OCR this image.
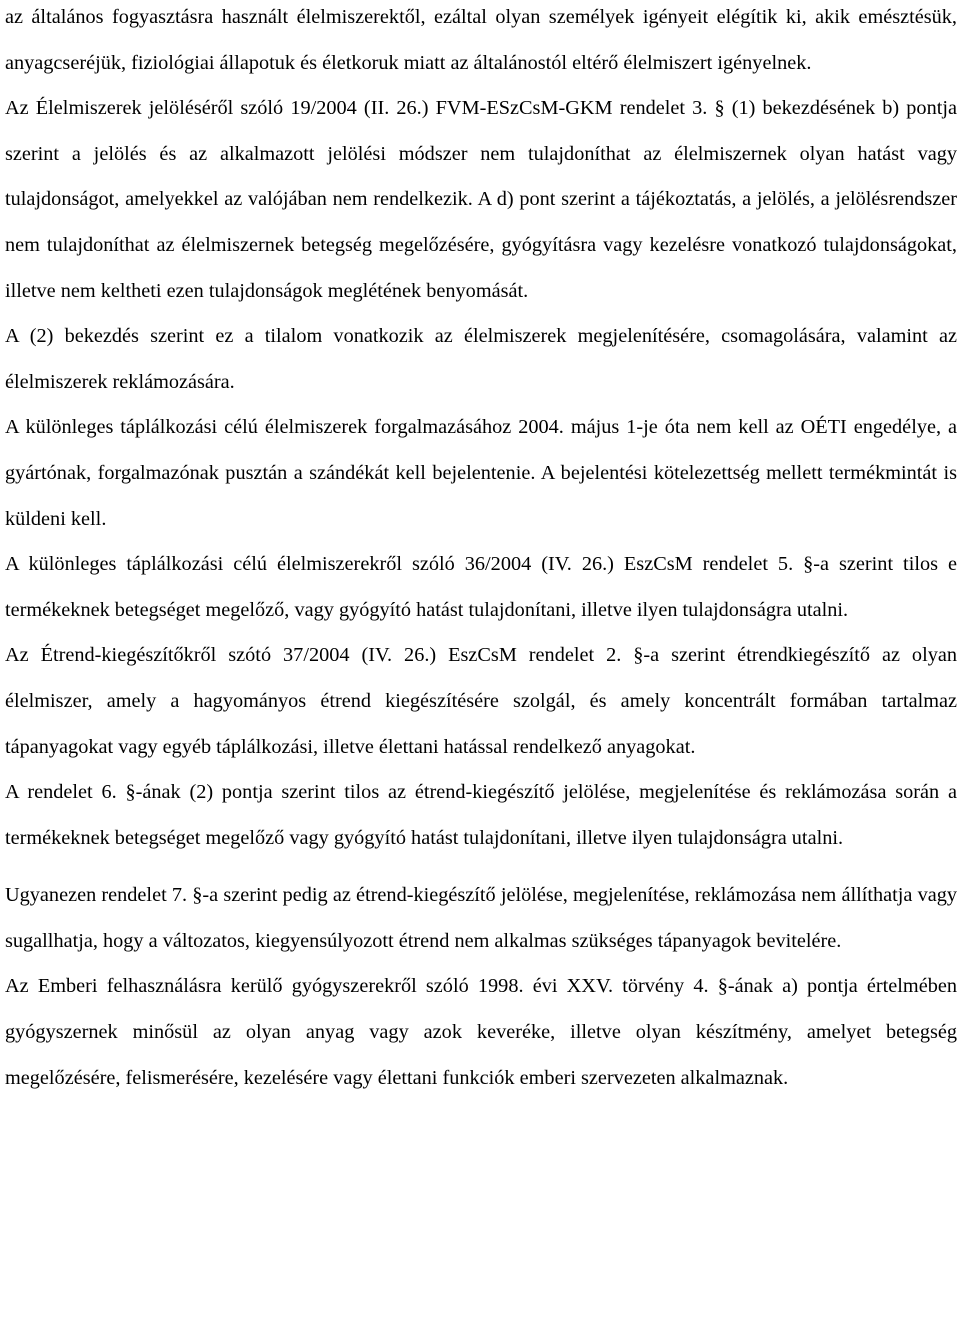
az általános fogyasztásra használt élelmiszerektől, ezáltal olyan személyek igényeit elégítik ki, akik emésztésük, anyagcseréjük, fiziológiai állapotuk és életkoruk miatt az általánostól eltérő élelmiszert igényelnek.

Az Élelmiszerek jelöléséről szóló 19/2004 (II. 26.) FVM-ESzCsM-GKM rendelet 3. § (1) bekezdésének b) pontja szerint a jelölés és az alkalmazott jelölési módszer nem tulajdoníthat az élelmiszernek olyan hatást vagy tulajdonságot, amelyekkel az valójában nem rendelkezik. A d) pont szerint a tájékoztatás, a jelölés, a jelölésrendszer nem tulajdoníthat az élelmiszernek betegség megelőzésére, gyógyításra vagy kezelésre vonatkozó tulajdonságokat, illetve nem keltheti ezen tulajdonságok meglétének benyomását.

A (2) bekezdés szerint ez a tilalom vonatkozik az élelmiszerek megjelenítésére, csomagolására, valamint az élelmiszerek reklámozására.

A különleges táplálkozási célú élelmiszerek forgalmazásához 2004. május 1-je óta nem kell az OÉTI engedélye, a gyártónak, forgalmazónak pusztán a szándékát kell bejelentenie. A bejelentési kötelezettség mellett termékmintát is küldeni kell.

A különleges táplálkozási célú élelmiszerekről szóló 36/2004 (IV. 26.) EszCsM rendelet 5. §-a szerint tilos e termékeknek betegséget megelőző, vagy gyógyító hatást tulajdonítani, illetve ilyen tulajdonságra utalni.

Az Étrend-kiegészítőkről szótó 37/2004 (IV. 26.) EszCsM rendelet 2. §-a szerint étrendkiegészítő az olyan élelmiszer, amely a hagyományos étrend kiegészítésére szolgál, és amely koncentrált formában tartalmaz tápanyagokat vagy egyéb táplálkozási, illetve élettani hatással rendelkező anyagokat.

A rendelet 6. §-ának (2) pontja szerint tilos az étrend-kiegészítő jelölése, megjelenítése és reklámozása során a termékeknek betegséget megelőző vagy gyógyító hatást tulajdonítani, illetve ilyen tulajdonságra utalni.

Ugyanezen rendelet 7. §-a szerint pedig az étrend-kiegészítő jelölése, megjelenítése, reklámozása nem állíthatja vagy sugallhatja, hogy a változatos, kiegyensúlyozott étrend nem alkalmas szükséges tápanyagok bevitelére.

Az Emberi felhasználásra kerülő gyógyszerekről szóló 1998. évi XXV. törvény 4. §-ának a) pontja értelmében gyógyszernek minősül az olyan anyag vagy azok keveréke, illetve olyan készítmény, amelyet betegség megelőzésére, felismerésére, kezelésére vagy élettani funkciók emberi szervezeten alkalmaznak.
